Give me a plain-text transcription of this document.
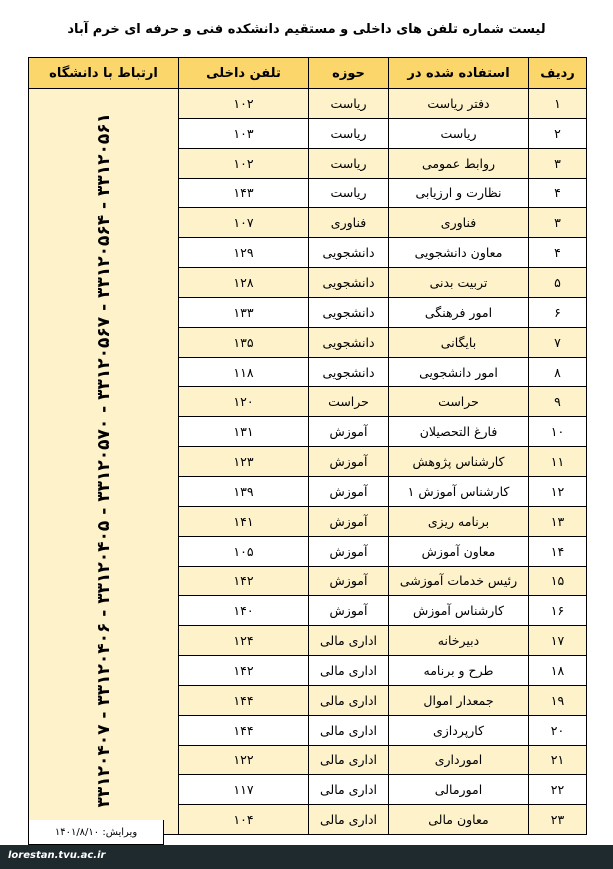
لیست شماره تلفن های داخلی و مستقیم دانشکده فنی و حرفه ای خرم آباد
ردیف	استفاده شده در	حوزه	تلفن داخلی	ارتباط با دانشگاه
۱	دفتر ریاست	ریاست	۱۰۲	۳۳۱۲۰۵۶۱ - ۳۳۱۲۰۵۶۴ - ۳۳۱۲۰۵۶۷ - ۳۳۱۲۰۵۷۰ - ۳۳۱۲۰۴۰۵ - ۳۳۱۲۰۴۰۶ - ۳۳۱۲۰۴۰۷
۲	ریاست	ریاست	۱۰۳	
۳	روابط عمومی	ریاست	۱۰۲	
۴	نظارت و ارزیابی	ریاست	۱۴۳	
۳	فناوری	فناوری	۱۰۷	
۴	معاون دانشجویی	دانشجویی	۱۲۹	
۵	تربیت بدنی	دانشجویی	۱۲۸	
۶	امور فرهنگی	دانشجویی	۱۳۳	
۷	بایگانی	دانشجویی	۱۳۵	
۸	امور دانشجویی	دانشجویی	۱۱۸	
۹	حراست	حراست	۱۲۰	
۱۰	فارغ التحصیلان	آموزش	۱۳۱	
۱۱	کارشناس پژوهش	آموزش	۱۲۳	
۱۲	کارشناس آموزش ۱	آموزش	۱۳۹	
۱۳	برنامه ریزی	آموزش	۱۴۱	
۱۴	معاون آموزش	آموزش	۱۰۵	
۱۵	رئیس خدمات آموزشی	آموزش	۱۴۲	
۱۶	کارشناس آموزش	آموزش	۱۴۰	
۱۷	دبیرخانه	اداری مالی	۱۲۴	
۱۸	طرح و برنامه	اداری مالی	۱۴۲	
۱۹	جمعدار اموال	اداری مالی	۱۴۴	
۲۰	کارپردازی	اداری مالی	۱۴۴	
۲۱	امورداری	اداری مالی	۱۲۲	
۲۲	امورمالی	اداری مالی	۱۱۷	
۲۳	معاون مالی	اداری مالی	۱۰۴	
ویرایش: ۱۴۰۱/۸/۱۰
lorestan.tvu.ac.ir
